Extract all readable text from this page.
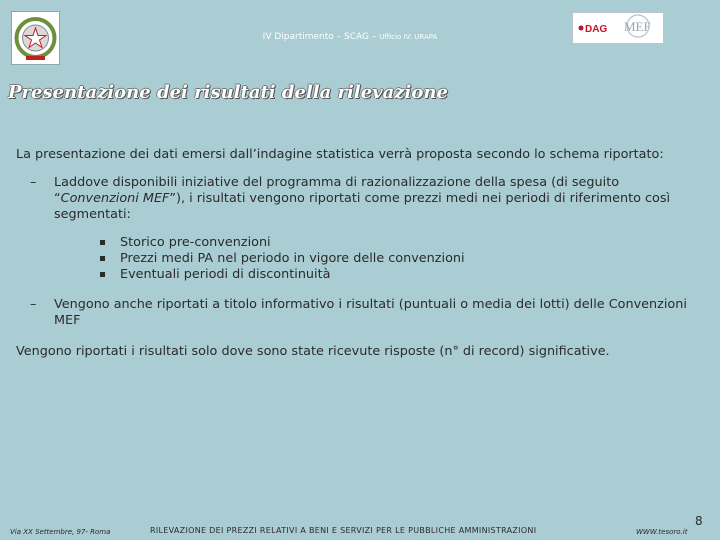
IV Dipartimento – SCAG – Ufficio IV: URAPA
DAG MEF
Presentazione dei risultati della rilevazione

La presentazione dei dati emersi dall’indagine statistica verrà proposta secondo lo schema riportato:

– Laddove disponibili iniziative del programma di razionalizzazione della spesa (di seguito “Convenzioni MEF”), i risultati vengono riportati come prezzi medi nei periodi di riferimento così segmentati:

Storico pre-convenzioni
Prezzi medi PA nel periodo in vigore delle convenzioni
Eventuali periodi di discontinuità

– Vengono anche riportati a titolo informativo i risultati (puntuali o media dei lotti) delle Convenzioni MEF

Vengono riportati i risultati solo dove sono state ricevute risposte (n° di record) significative.

Via XX Settembre, 97- Roma	RILEVAZIONE DEI PREZZI RELATIVI A BENI E SERVIZI PER LE PUBBLICHE AMMINISTRAZIONI	WWW.tesoro.it
8
